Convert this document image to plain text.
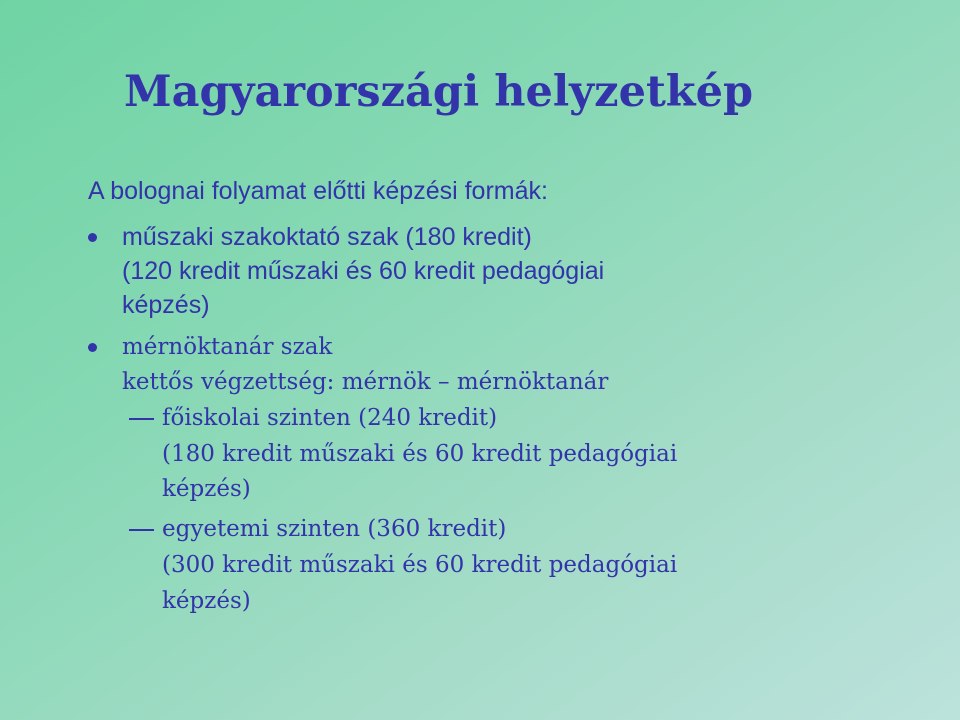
Magyarországi helyzetkép
A bolognai folyamat előtti képzési formák:
műszaki szakoktató szak (180 kredit)
(120 kredit műszaki és 60 kredit pedagógiai
képzés)
mérnöktanár szak
kettős végzettség: mérnök – mérnöktanár
főiskolai szinten (240 kredit)
(180 kredit műszaki és 60 kredit pedagógiai
képzés)
egyetemi szinten (360 kredit)
(300 kredit műszaki és 60 kredit pedagógiai
képzés)
